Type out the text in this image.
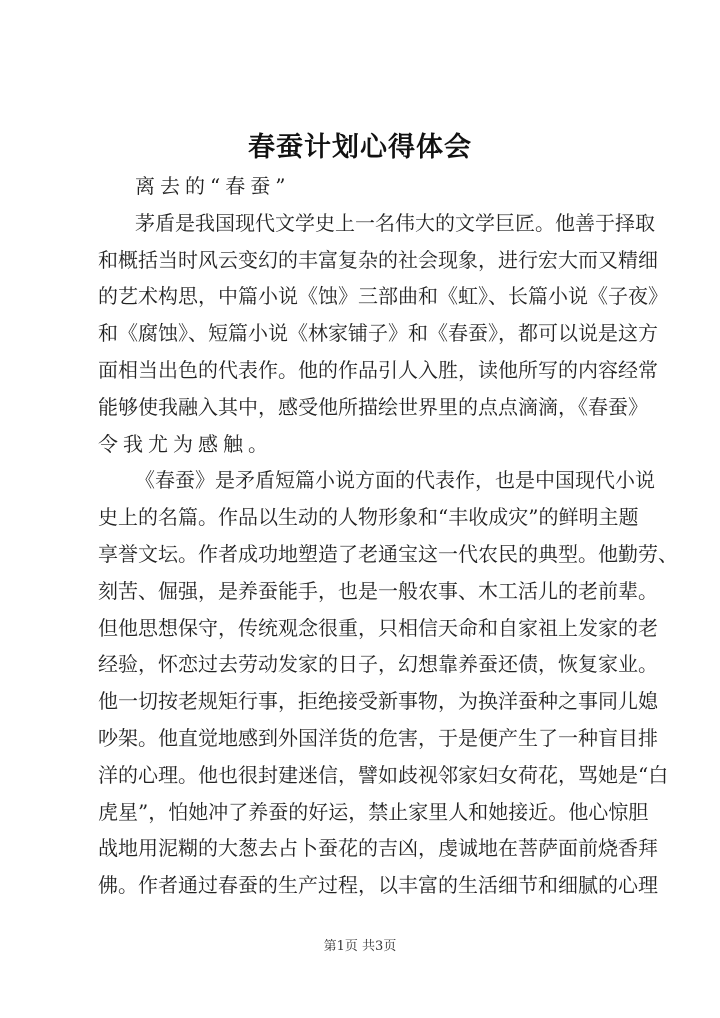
春蚕计划心得体会
离去的“春蚕”
茅盾是我国现代文学史上一名伟大的文学巨匠。他善于择取
和概括当时风云变幻的丰富复杂的社会现象，进行宏大而又精细
的艺术构思，中篇小说《蚀》三部曲和《虹》、长篇小说《子夜》
和《腐蚀》、短篇小说《林家铺子》和《春蚕》，都可以说是这方
面相当出色的代表作。他的作品引人入胜，读他所写的内容经常
能够使我融入其中，感受他所描绘世界里的点点滴滴，《春蚕》
令我尤为感触。
《春蚕》是矛盾短篇小说方面的代表作，也是中国现代小说
史上的名篇。作品以生动的人物形象和“丰收成灾”的鲜明主题
享誉文坛。作者成功地塑造了老通宝这一代农民的典型。他勤劳、
刻苦、倔强，是养蚕能手，也是一般农事、木工活儿的老前辈。
但他思想保守，传统观念很重，只相信天命和自家祖上发家的老
经验，怀恋过去劳动发家的日子，幻想靠养蚕还债，恢复家业。
他一切按老规矩行事，拒绝接受新事物，为换洋蚕种之事同儿媳
吵架。他直觉地感到外国洋货的危害，于是便产生了一种盲目排
洋的心理。他也很封建迷信，譬如歧视邻家妇女荷花，骂她是“白
虎星”，怕她冲了养蚕的好运，禁止家里人和她接近。他心惊胆
战地用泥糊的大葱去占卜蚕花的吉凶，虔诚地在菩萨面前烧香拜
佛。作者通过春蚕的生产过程，以丰富的生活细节和细腻的心理
第1页 共3页
